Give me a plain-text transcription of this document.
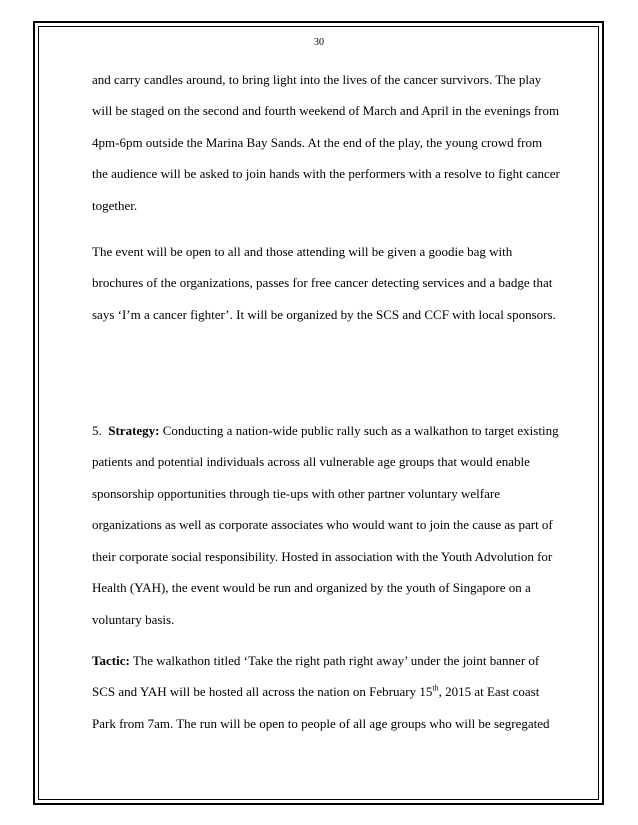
30
and carry candles around, to bring light into the lives of the cancer survivors. The play
will be staged on the second and fourth weekend of March and April in the evenings from
4pm-6pm outside the Marina Bay Sands. At the end of the play, the young crowd from
the audience will be asked to join hands with the performers with a resolve to fight cancer
together.
The event will be open to all and those attending will be given a goodie bag with
brochures of the organizations, passes for free cancer detecting services and a badge that
says ‘I’m a cancer fighter’. It will be organized by the SCS and CCF with local sponsors.
5. Strategy: Conducting a nation-wide public rally such as a walkathon to target existing
patients and potential individuals across all vulnerable age groups that would enable
sponsorship opportunities through tie-ups with other partner voluntary welfare
organizations as well as corporate associates who would want to join the cause as part of
their corporate social responsibility. Hosted in association with the Youth Advolution for
Health (YAH), the event would be run and organized by the youth of Singapore on a
voluntary basis.
Tactic: The walkathon titled ‘Take the right path right away’ under the joint banner of
SCS and YAH will be hosted all across the nation on February 15th, 2015 at East coast
Park from 7am. The run will be open to people of all age groups who will be segregated
